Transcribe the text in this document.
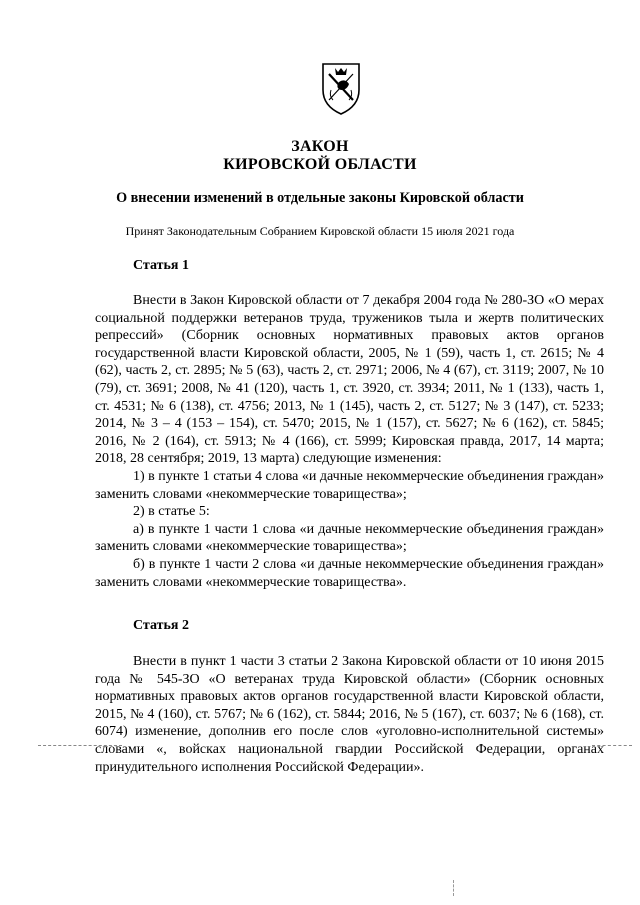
ЗАКОН
КИРОВСКОЙ ОБЛАСТИ
О внесении изменений в отдельные законы Кировской области
Принят Законодательным Собранием Кировской области 15 июля 2021 года
Статья 1

Внести в Закон Кировской области от 7 декабря 2004 года № 280-ЗО «О мерах социальной поддержки ветеранов труда, тружеников тыла и жертв политических репрессий» (Сборник основных нормативных правовых актов органов государственной власти Кировской области, 2005, № 1 (59), часть 1, ст. 2615; № 4 (62), часть 2, ст. 2895; № 5 (63), часть 2, ст. 2971; 2006, № 4 (67), ст. 3119; 2007, № 10 (79), ст. 3691; 2008, № 41 (120), часть 1, ст. 3920, ст. 3934; 2011, № 1 (133), часть 1, ст. 4531; № 6 (138), ст. 4756; 2013, № 1 (145), часть 2, ст. 5127; № 3 (147), ст. 5233; 2014, № 3 – 4 (153 – 154), ст. 5470; 2015, № 1 (157), ст. 5627; № 6 (162), ст. 5845; 2016, № 2 (164), ст. 5913; № 4 (166), ст. 5999; Кировская правда, 2017, 14 марта; 2018, 28 сентября; 2019, 13 марта) следующие изменения:

1) в пункте 1 статьи 4 слова «и дачные некоммерческие объединения граждан» заменить словами «некоммерческие товарищества»;

2) в статье 5:

а) в пункте 1 части 1 слова «и дачные некоммерческие объединения граждан» заменить словами «некоммерческие товарищества»;

б) в пункте 1 части 2 слова «и дачные некоммерческие объединения граждан» заменить словами «некоммерческие товарищества».

Статья 2

Внести в пункт 1 части 3 статьи 2 Закона Кировской области от 10 июня 2015 года № 545-ЗО «О ветеранах труда Кировской области» (Сборник основных нормативных правовых актов органов государственной власти Кировской области, 2015, № 4 (160), ст. 5767; № 6 (162), ст. 5844; 2016, № 5 (167), ст. 6037; № 6 (168), ст. 6074) изменение, дополнив его после слов «уголовно-исполнительной системы» словами «, войсках национальной гвардии Российской Федерации, органах принудительного исполнения Российской Федерации».
